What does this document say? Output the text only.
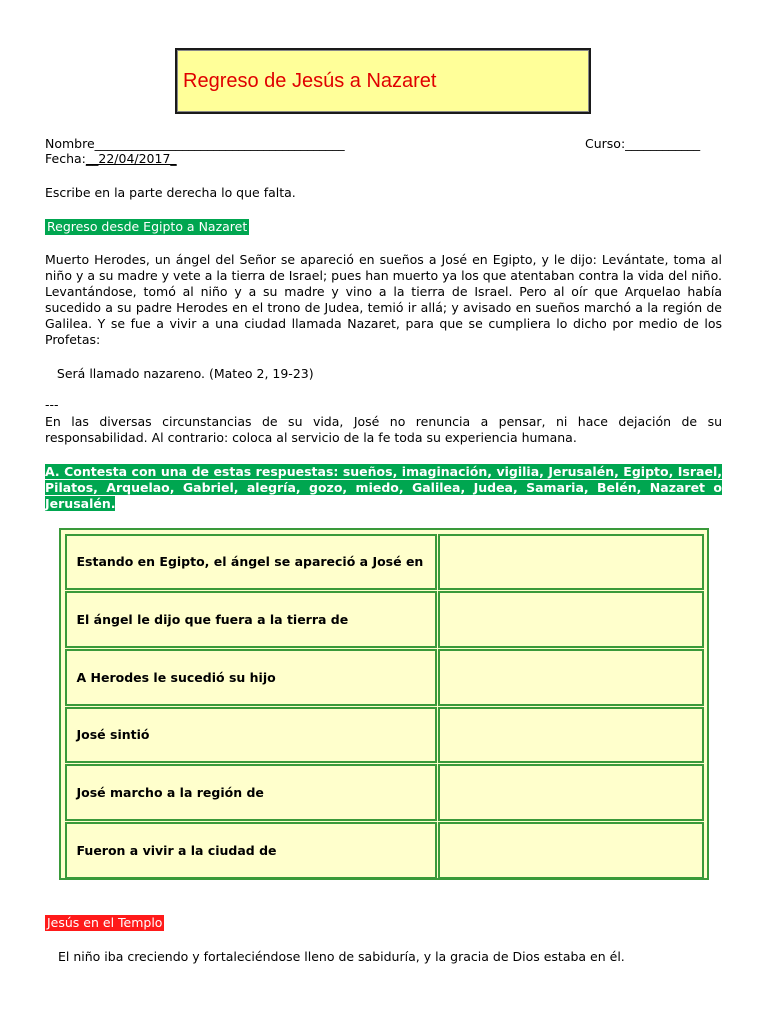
Regreso de Jesús a Nazaret
Nombre________________________________________	Curso:____________
Fecha:__22/04/2017_
Escribe en la parte derecha lo que falta.
Regreso desde Egipto a Nazaret

Muerto Herodes, un ángel del Señor se apareció en sueños a José en Egipto, y le dijo: Levántate, toma al niño y a su madre y vete a la tierra de Israel; pues han muerto ya los que atentaban contra la vida del niño. Levantándose, tomó al niño y a su madre y vino a la tierra de Israel. Pero al oír que Arquelao había sucedido a su padre Herodes en el trono de Judea, temió ir allá; y avisado en sueños marchó a la región de Galilea. Y se fue a vivir a una ciudad llamada Nazaret, para que se cumpliera lo dicho por medio de los Profetas:

Será llamado nazareno. (Mateo 2, 19-23)
---

En las diversas circunstancias de su vida, José no renuncia a pensar, ni hace dejación de su responsabilidad. Al contrario: coloca al servicio de la fe toda su experiencia humana.

A. Contesta con una de estas respuestas: sueños, imaginación, vigilia, Jerusalén, Egipto, Israel, Pilatos, Arquelao, Gabriel, alegría, gozo, miedo, Galilea, Judea, Samaria, Belén, Nazaret o Jerusalén.

Estando en Egipto, el ángel se apareció a José en
El ángel le dijo que fuera a la tierra de
A Herodes le sucedió su hijo
José sintió
José marcho a la región de
Fueron a vivir a la ciudad de
Jesús en el Templo
El niño iba creciendo y fortaleciéndose lleno de sabiduría, y la gracia de Dios estaba en él.
